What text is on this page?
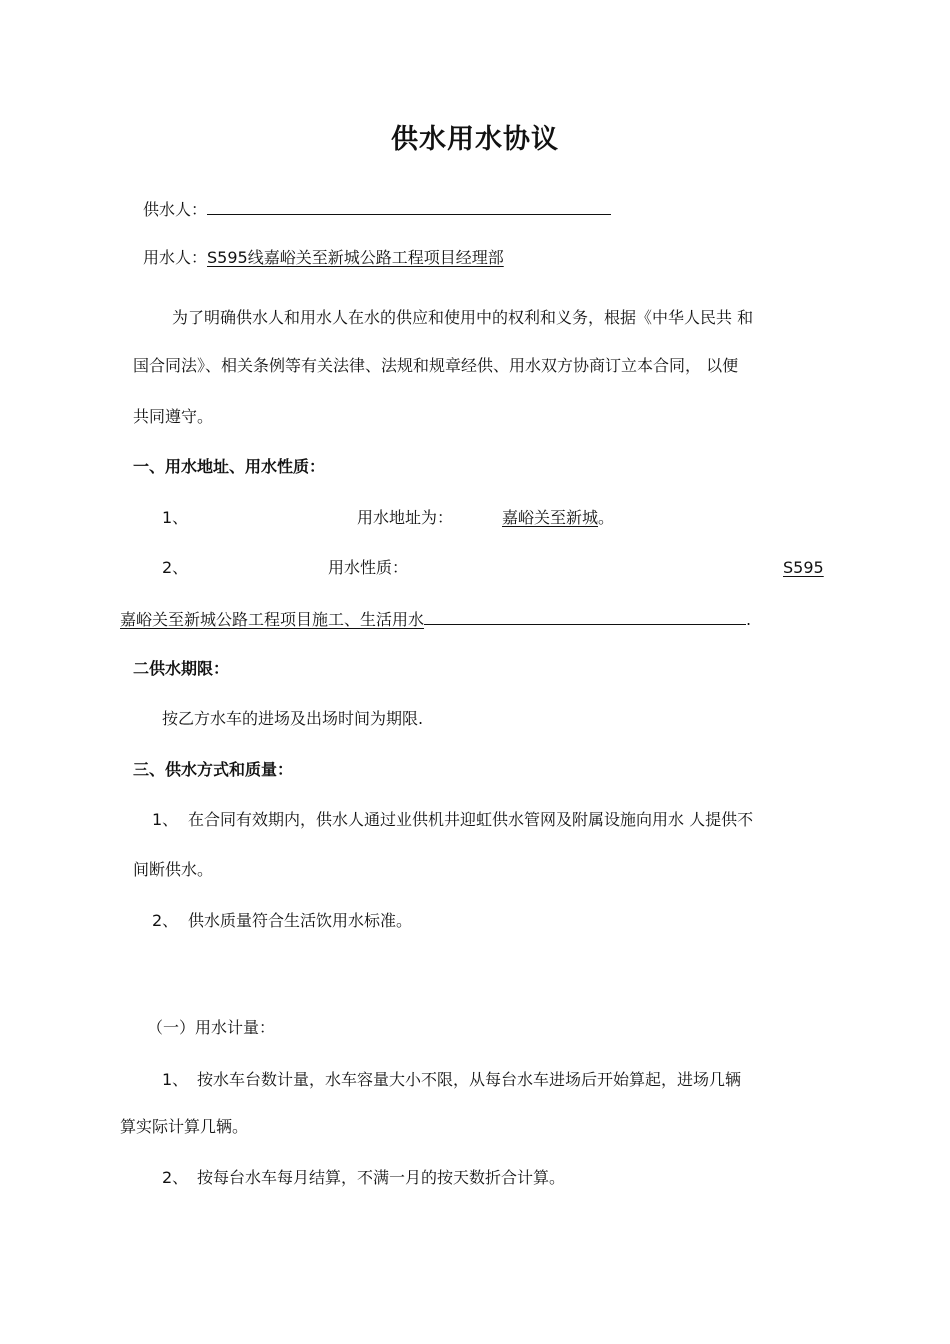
供水用水协议
供水人：
用水人：S595线嘉峪关至新城公路工程项目经理部
为了明确供水人和用水人在水的供应和使用中的权利和义务，根据《中华人民共 和
国合同法》、相关条例等有关法律、法规和规章经供、用水双方协商订立本合同， 以便
共同遵守。
一、用水地址、用水性质：
1、	用水地址为：	嘉峪关至新城。
2、	用水性质：	S595
嘉峪关至新城公路工程项目施工、生活用水	.
二供水期限：
按乙方水车的进场及出场时间为期限.
三、供水方式和质量：
1、 在合同有效期内，供水人通过业供机井迎虹供水管网及附属设施向用水 人提供不
间断供水。
2、 供水质量符合生活饮用水标准。
（一）用水计量：
1、 按水车台数计量，水车容量大小不限，从每台水车进场后开始算起，进场几辆
算实际计算几辆。
2、 按每台水车每月结算，不满一月的按天数折合计算。
